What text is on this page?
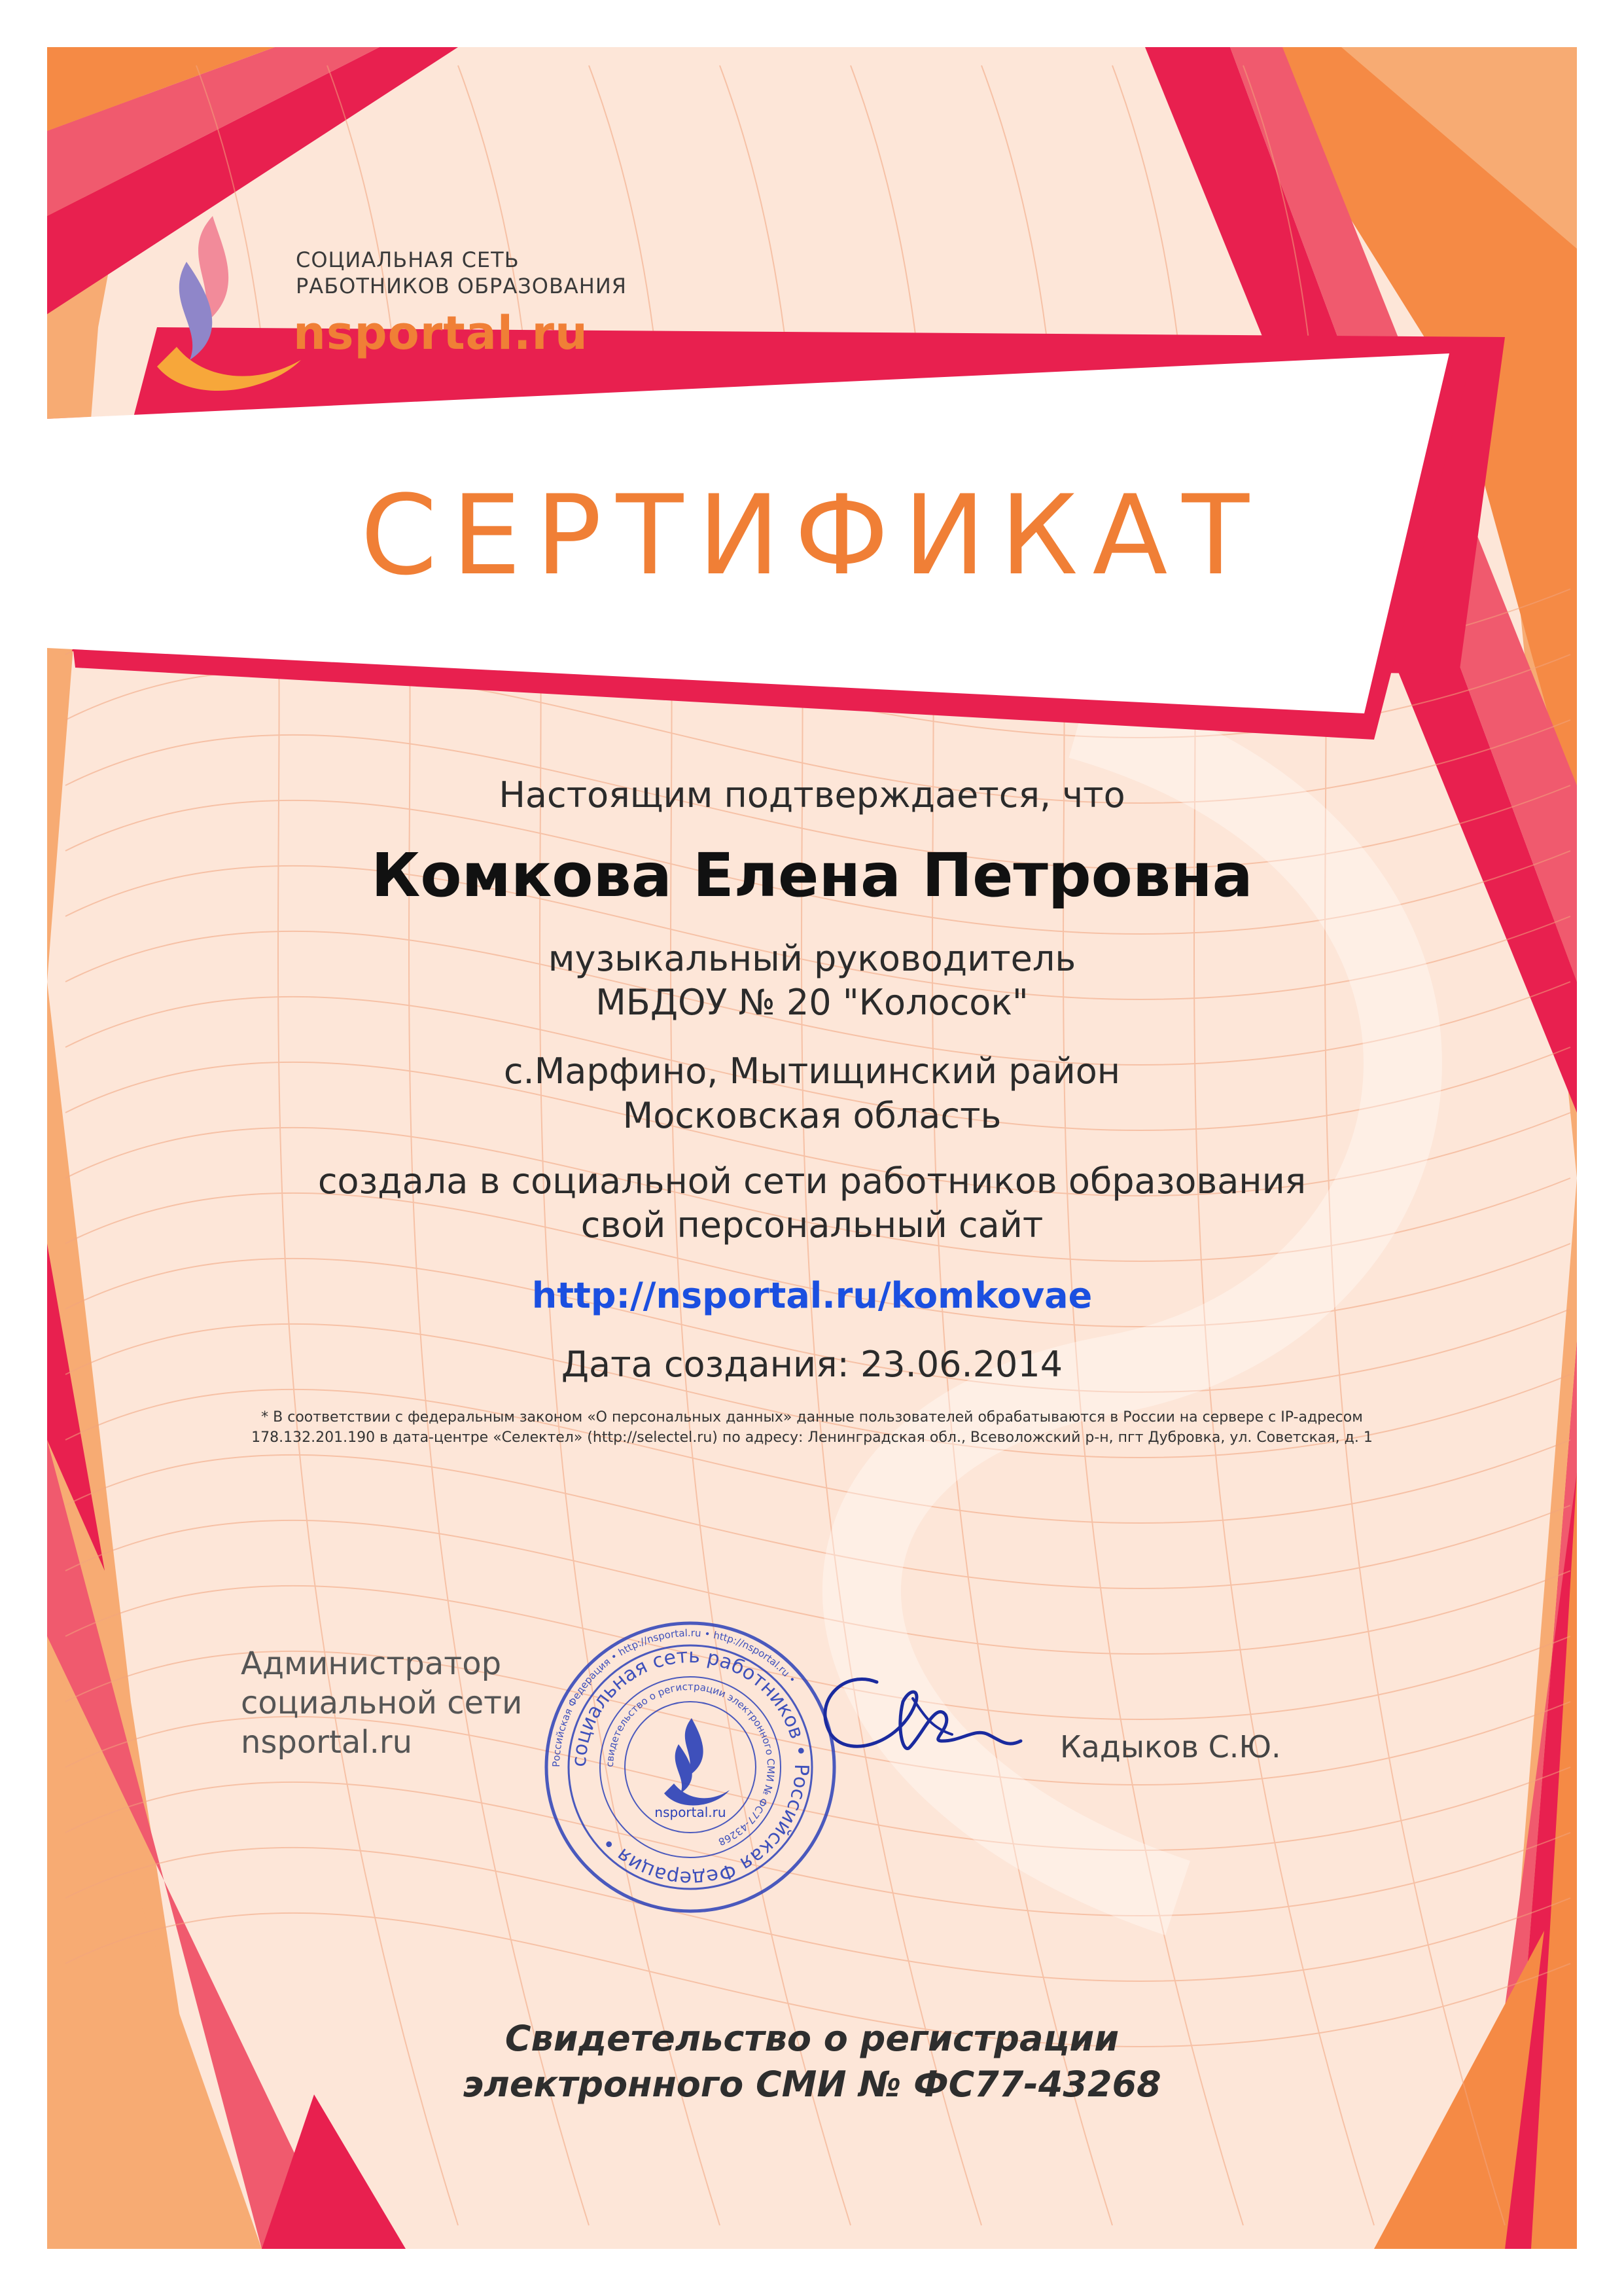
СОЦИАЛЬНАЯ СЕТЬ
РАБОТНИКОВ ОБРАЗОВАНИЯ
nsportal.ru
СЕРТИФИКАТ
Настоящим подтверждается, что
Комкова Елена Петровна
музыкальный руководитель
МБДОУ № 20 "Колосок"
с.Марфино, Мытищинский район
Московская область
создала в социальной сети работников образования
свой персональный сайт
http://nsportal.ru/komkovae
Дата создания: 23.06.2014
* В соответствии с федеральным законом «О персональных данных» данные пользователей обрабатываются в России на сервере с IP-адресом
178.132.201.190 в дата-центре «Селектел» (http://selectel.ru) по адресу: Ленинградская обл., Всеволожский р-н, пгт Дубровка, ул. Советская, д. 1
Администратор
социальной сети
nsportal.ru
Российская Федерация • http://nsportal.ru • http://nsportal.ru •
социальная сеть работников • Российская Федерация •
свидетельство о регистрации электронного СМИ № ФС77-43268
nsportal.ru
Кадыков С.Ю.
Свидетельство о регистрации
электронного СМИ № ФС77-43268
